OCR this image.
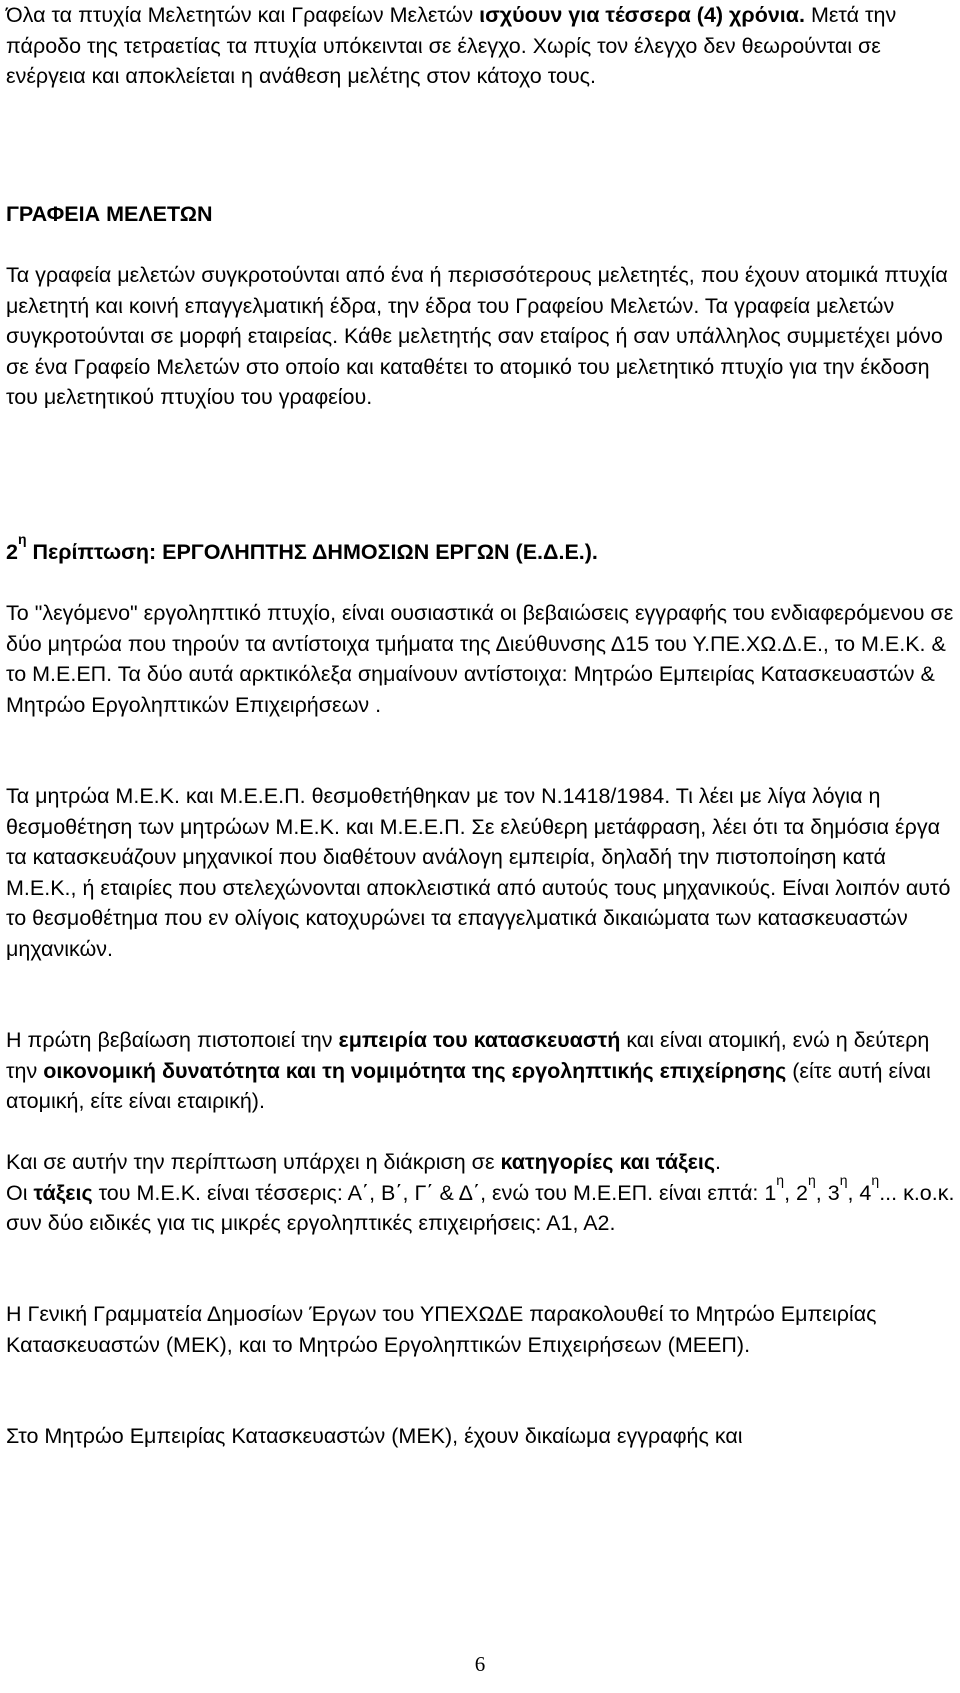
Όλα τα πτυχία Μελετητών και Γραφείων Μελετών ισχύουν για τέσσερα (4) χρόνια. Μετά την πάροδο της τετραετίας τα πτυχία υπόκεινται σε έλεγχο. Χωρίς τον έλεγχο δεν θεωρούνται σε ενέργεια και αποκλείεται η ανάθεση μελέτης στον κάτοχο τους.

ΓΡΑΦΕΙΑ ΜΕΛΕΤΩΝ

Τα γραφεία μελετών συγκροτούνται από ένα ή περισσότερους μελετητές, που έχουν ατομικά πτυχία μελετητή και κοινή επαγγελματική έδρα, την έδρα του Γραφείου Μελετών. Τα γραφεία μελετών συγκροτούνται σε μορφή εταιρείας. Κάθε μελετητής σαν εταίρος ή σαν υπάλληλος συμμετέχει μόνο σε ένα Γραφείο Μελετών στο οποίο και καταθέτει το ατομικό του μελετητικό πτυχίο για την έκδοση του μελετητικού πτυχίου του γραφείου.

$2^\eta$ Περίπτωση: ΕΡΓΟΛΗΠΤΗΣ ΔΗΜΟΣΙΩΝ ΕΡΓΩΝ (Ε.Δ.Ε.).

Το "λεγόμενο" εργοληπτικό πτυχίο, είναι ουσιαστικά οι βεβαιώσεις εγγραφής του ενδιαφερόμενου σε δύο μητρώα που τηρούν τα αντίστοιχα τμήματα της Διεύθυνσης Δ15 του Υ.ΠΕ.ΧΩ.Δ.Ε., το Μ.Ε.Κ. & το Μ.Ε.ΕΠ. Τα δύο αυτά αρκτικόλεξα σημαίνουν αντίστοιχα: Μητρώο Εμπειρίας Κατασκευαστών & Μητρώο Εργοληπτικών Επιχειρήσεων .

Τα μητρώα Μ.Ε.Κ. και Μ.Ε.Ε.Π. θεσμοθετήθηκαν με τον Ν.1418/1984. Τι λέει με λίγα λόγια η θεσμοθέτηση των μητρώων Μ.Ε.Κ. και Μ.Ε.Ε.Π. Σε ελεύθερη μετάφραση, λέει ότι τα δημόσια έργα τα κατασκευάζουν μηχανικοί που διαθέτουν ανάλογη εμπειρία, δηλαδή την πιστοποίηση κατά Μ.Ε.Κ., ή εταιρίες που στελεχώνονται αποκλειστικά από αυτούς τους μηχανικούς. Είναι λοιπόν αυτό το θεσμοθέτημα που εν ολίγοις κατοχυρώνει τα επαγγελματικά δικαιώματα των κατασκευαστών μηχανικών.

Η πρώτη βεβαίωση πιστοποιεί την εμπειρία του κατασκευαστή και είναι ατομική, ενώ η δεύτερη την οικονομική δυνατότητα και τη νομιμότητα της εργοληπτικής επιχείρησης (είτε αυτή είναι ατομική, είτε είναι εταιρική).

Και σε αυτήν την περίπτωση υπάρχει η διάκριση σε κατηγορίες και τάξεις.
Οι τάξεις του Μ.Ε.Κ. είναι τέσσερις: Α΄, Β΄, Γ΄ & Δ΄, ενώ του Μ.Ε.ΕΠ. είναι επτά: $1^\eta$, $2^\eta$, $3^\eta$, $4^\eta$... κ.ο.κ. συν δύο ειδικές για τις μικρές εργοληπτικές επιχειρήσεις: Α1, Α2.

Η Γενική Γραμματεία Δημοσίων Έργων του ΥΠΕΧΩΔΕ παρακολουθεί το Μητρώο Εμπειρίας Κατασκευαστών (ΜΕΚ), και το Μητρώο Εργοληπτικών Επιχειρήσεων (ΜΕΕΠ).

Στο Μητρώο Εμπειρίας Κατασκευαστών (ΜΕΚ), έχουν δικαίωμα εγγραφής και

6
